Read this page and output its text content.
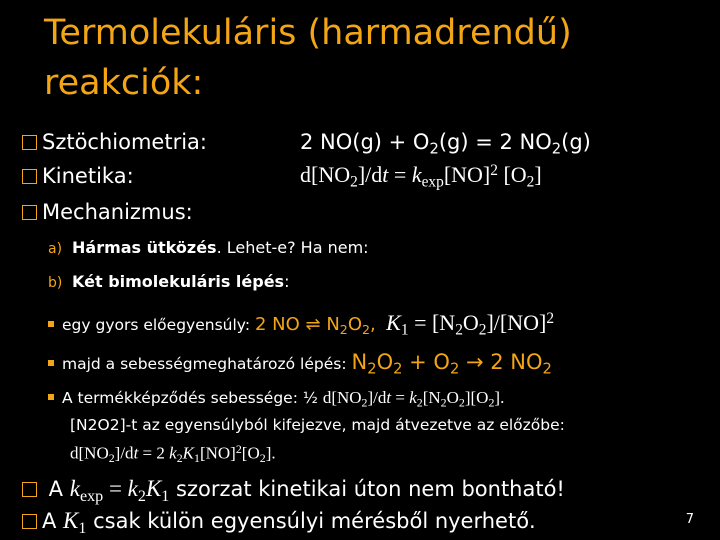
Termolekuláris (harmadrendű)
reakciók:
Sztöchiometria:	2 $NO(g) + O_2(g) = 2$ $NO_2(g)$
Kinetika:	$d[NO_2]/dt = k_{exp}[NO]^2$ $[O_2]$
Mechanizmus:
a) Hármas ütközés. Lehet-e? Ha nem:
b) Két bimolekuláris lépés:
egy gyors előegyensúly: 2 NO ⇌ $N_2O_2$, $K_1 = [N_2O_2]/[NO]^2$
majd a sebességmeghatározó lépés: $N_2O_2 + O_2 \to 2$ $NO_2$
A termékképződés sebessége: ½ $d[NO_2]/dt = k_2[N_2O_2][O_2]$.
[N2O2]-t az egyensúlyból kifejezve, majd átvezetve az előzőbe:
$d[NO_2]/dt = 2$ $k_2K_1[NO]^2[O_2]$.
A $k_{exp} = k_2K_1$ szorzat kinetikai úton nem bontható!
A $K_1$ csak külön egyensúlyi mérésből nyerhető.	7
